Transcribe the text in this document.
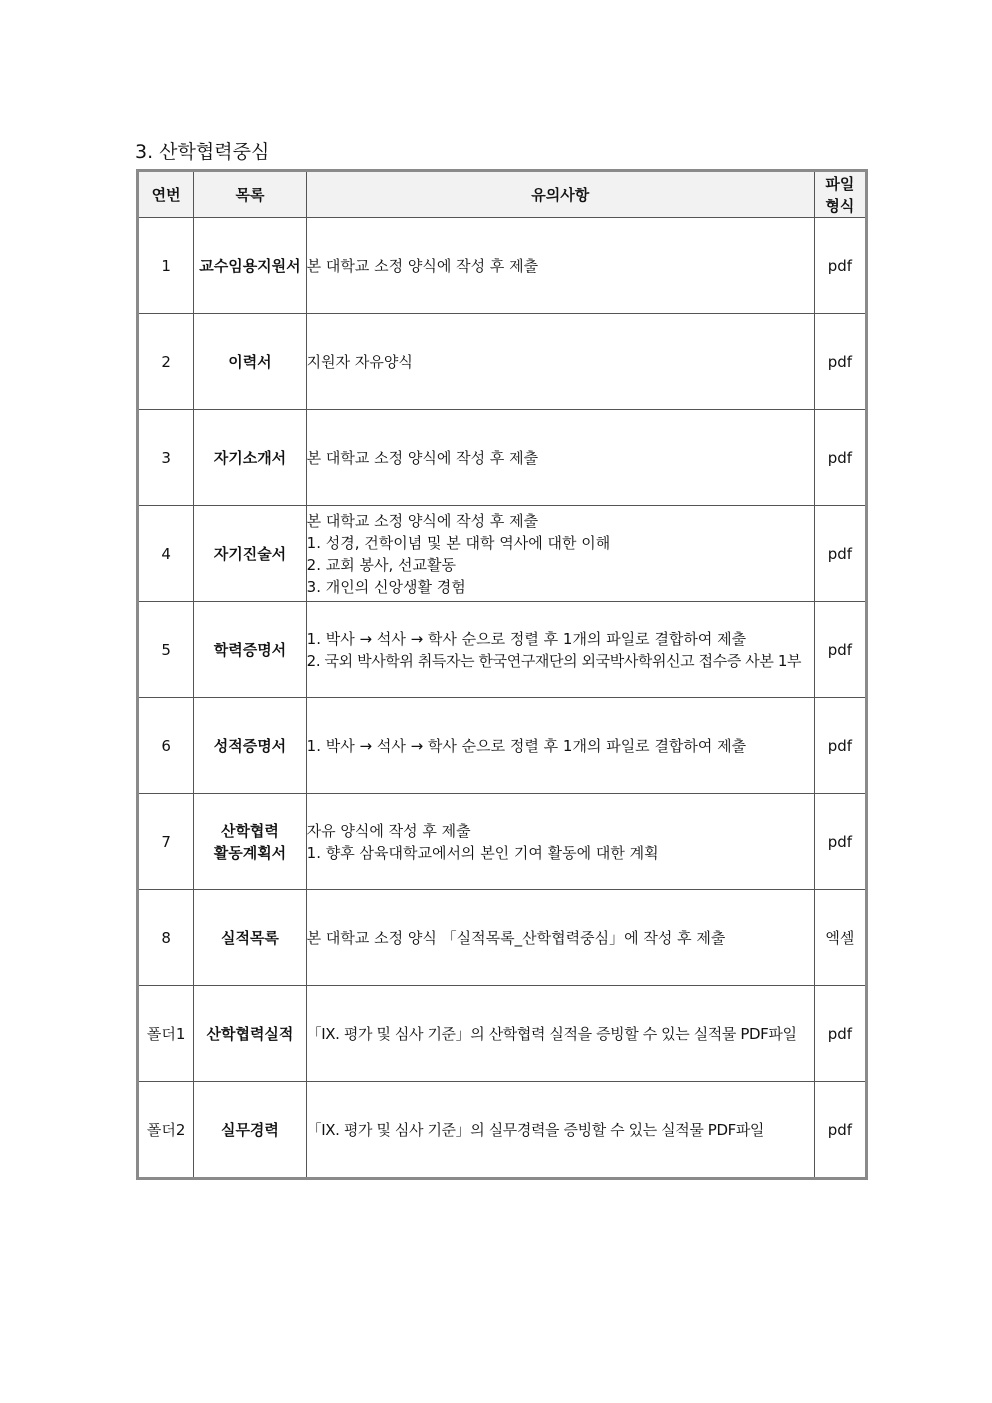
3. 산학협력중심
연번	목록	유의사항	파일
형식

1	교수임용지원서	본 대학교 소정 양식에 작성 후 제출	pdf
2	이력서	지원자 자유양식	pdf
3	자기소개서	본 대학교 소정 양식에 작성 후 제출	pdf
4	자기진술서	본 대학교 소정 양식에 작성 후 제출
1. 성경, 건학이념 및 본 대학 역사에 대한 이해
2. 교회 봉사, 선교활동
3. 개인의 신앙생활 경험	pdf
5	학력증명서	1. 박사 → 석사 → 학사 순으로 정렬 후 1개의 파일로 결합하여 제출
2. 국외 박사학위 취득자는 한국연구재단의 외국박사학위신고 접수증 사본 1부	pdf
6	성적증명서	1. 박사 → 석사 → 학사 순으로 정렬 후 1개의 파일로 결합하여 제출	pdf
7	산학협력
활동계획서	자유 양식에 작성 후 제출
1. 향후 삼육대학교에서의 본인 기여 활동에 대한 계획	pdf
8	실적목록	본 대학교 소정 양식 「실적목록_산학협력중심」에 작성 후 제출	엑셀
폴더1	산학협력실적	「IX. 평가 및 심사 기준」의 산학협력 실적을 증빙할 수 있는 실적물 PDF파일	pdf
폴더2	실무경력	「IX. 평가 및 심사 기준」의 실무경력을 증빙할 수 있는 실적물 PDF파일	pdf
